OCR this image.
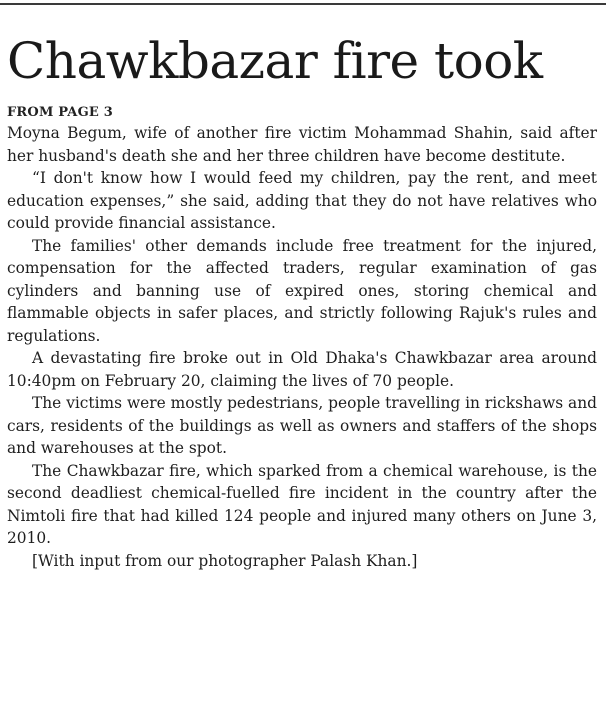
Chawkbazar fire took
FROM PAGE 3

Moyna Begum, wife of another fire victim Mohammad Shahin, said after her husband's death she and her three children have become destitute.

“I don't know how I would feed my children, pay the rent, and meet education expenses,” she said, adding that they do not have relatives who could provide financial assistance.

The families' other demands include free treatment for the injured, compensation for the affected traders, regular examination of gas cylinders and banning use of expired ones, storing chemical and flammable objects in safer places, and strictly following Rajuk's rules and regulations.

A devastating fire broke out in Old Dhaka's Chawkbazar area around 10:40pm on February 20, claiming the lives of 70 people.

The victims were mostly pedestrians, people travelling in rickshaws and cars, residents of the buildings as well as owners and staffers of the shops and warehouses at the spot.

The Chawkbazar fire, which sparked from a chemical warehouse, is the second deadliest chemical-fuelled fire incident in the country after the Nimtoli fire that had killed 124 people and injured many others on June 3, 2010.

[With input from our photographer Palash Khan.]
